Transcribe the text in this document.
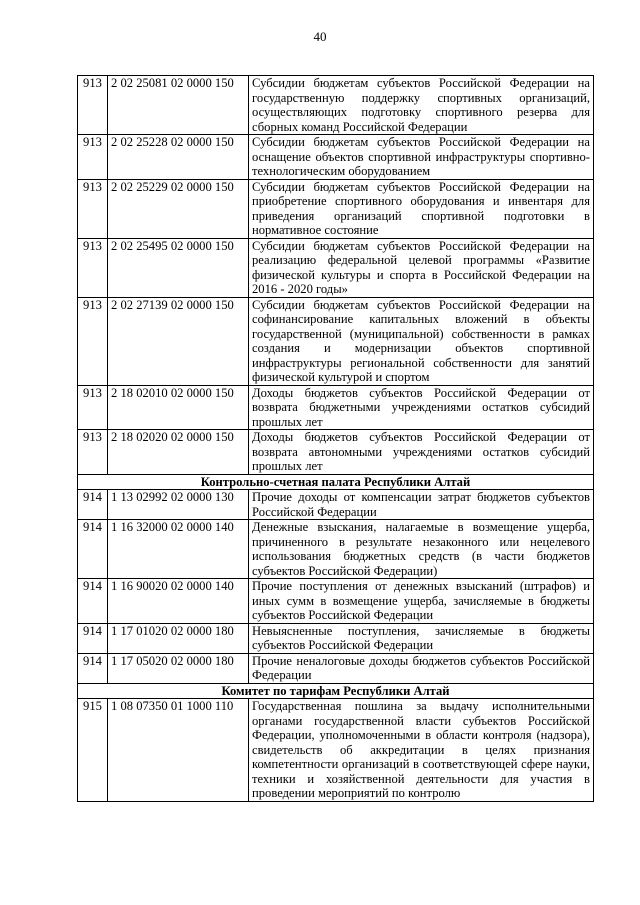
40
913	2 02 25081 02 0000 150	Субсидии бюджетам субъектов Российской Федерации на государственную поддержку спортивных организаций, осуществляющих подготовку спортивного резерва для сборных команд Российской Федерации
913	2 02 25228 02 0000 150	Субсидии бюджетам субъектов Российской Федерации на оснащение объектов спортивной инфраструктуры спортивно-технологическим оборудованием
913	2 02 25229 02 0000 150	Субсидии бюджетам субъектов Российской Федерации на приобретение спортивного оборудования и инвентаря для приведения организаций спортивной подготовки в нормативное состояние
913	2 02 25495 02 0000 150	Субсидии бюджетам субъектов Российской Федерации на реализацию федеральной целевой программы «Развитие физической культуры и спорта в Российской Федерации на 2016 - 2020 годы»
913	2 02 27139 02 0000 150	Субсидии бюджетам субъектов Российской Федерации на софинансирование капитальных вложений в объекты государственной (муниципальной) собственности в рамках создания и модернизации объектов спортивной инфраструктуры региональной собственности для занятий физической культурой и спортом
913	2 18 02010 02 0000 150	Доходы бюджетов субъектов Российской Федерации от возврата бюджетными учреждениями остатков субсидий прошлых лет
913	2 18 02020 02 0000 150	Доходы бюджетов субъектов Российской Федерации от возврата автономными учреждениями остатков субсидий прошлых лет
Контрольно-счетная палата Республики Алтай		
914	1 13 02992 02 0000 130	Прочие доходы от компенсации затрат бюджетов субъектов Российской Федерации
914	1 16 32000 02 0000 140	Денежные взыскания, налагаемые в возмещение ущерба, причиненного в результате незаконного или нецелевого использования бюджетных средств (в части бюджетов субъектов Российской Федерации)
914	1 16 90020 02 0000 140	Прочие поступления от денежных взысканий (штрафов) и иных сумм в возмещение ущерба, зачисляемые в бюджеты субъектов Российской Федерации
914	1 17 01020 02 0000 180	Невыясненные поступления, зачисляемые в бюджеты субъектов Российской Федерации
914	1 17 05020 02 0000 180	Прочие неналоговые доходы бюджетов субъектов Российской Федерации
Комитет по тарифам Республики Алтай		
915	1 08 07350 01 1000 110	Государственная пошлина за выдачу исполнительными органами государственной власти субъектов Российской Федерации, уполномоченными в области контроля (надзора), свидетельств об аккредитации в целях признания компетентности организаций в соответствующей сфере науки, техники и хозяйственной деятельности для участия в проведении мероприятий по контролю
